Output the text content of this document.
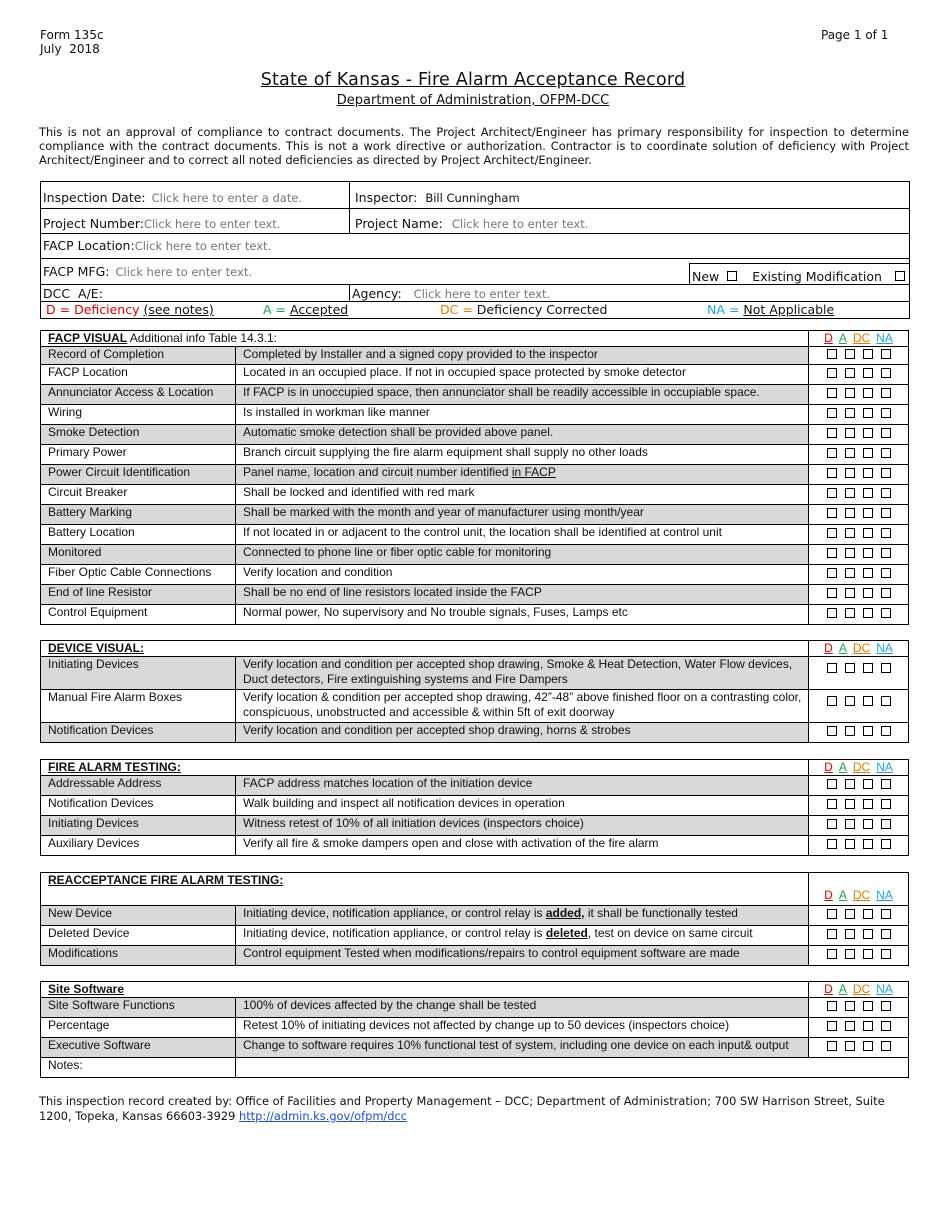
Form 135c
July  2018
Page 1 of 1
State of Kansas - Fire Alarm Acceptance Record
Department of Administration, OFPM-DCC
This is not an approval of compliance to contract documents. The Project Architect/Engineer has primary responsibility for inspection to determine compliance with the contract documents. This is not a work directive or authorization. Contractor is to coordinate solution of deficiency with Project Architect/Engineer and to correct all noted deficiencies as directed by Project Architect/Engineer.
Inspection Date: Click here to enter a date.	Inspector: Bill Cunningham
Project Number: Click here to enter text.	Project Name: Click here to enter text.
FACP Location: Click here to enter text.
FACP MFG: Click here to enter text.	New	Existing Modification
DCC  A/E:	Agency: Click here to enter text.
D = Deficiency (see notes)	A = Accepted	DC = Deficiency Corrected	NA = Not Applicable
FACP VISUAL Additional info Table 14.3.1:		D A DC NA
Record of Completion	Completed by Installer and a signed copy provided to the inspector	

FACP Location	Located in an occupied place. If not in occupied space protected by smoke detector	

Annunciator Access & Location	If FACP is in unoccupied space, then annunciator shall be readily accessible in occupiable space.	

Wiring	Is installed in workman like manner	

Smoke Detection	Automatic smoke detection shall be provided above panel.	

Primary Power	Branch circuit supplying the fire alarm equipment shall supply no other loads	

Power Circuit Identification	Panel name, location and circuit number identified in FACP	

Circuit Breaker	Shall be locked and identified with red mark	

Battery Marking	Shall be marked with the month and year of manufacturer using month/year	

Battery Location	If not located in or adjacent to the control unit, the location shall be identified at control unit	

Monitored	Connected to phone line or fiber optic cable for monitoring	

Fiber Optic Cable Connections	Verify location and condition	

End of line Resistor	Shall be no end of line resistors located inside the FACP	

Control Equipment	Normal power, No supervisory and No trouble signals, Fuses, Lamps etc	
DEVICE VISUAL:		D A DC NA
Initiating Devices	Verify location and condition per accepted shop drawing, Smoke & Heat Detection, Water Flow devices, Duct detectors, Fire extinguishing systems and Fire Dampers	

Manual Fire Alarm Boxes	Verify location & condition per accepted shop drawing, 42”-48” above finished floor on a contrasting color, conspicuous, unobstructed and accessible & within 5ft of exit doorway	

Notification Devices	Verify location and condition per accepted shop drawing, horns & strobes	
FIRE ALARM TESTING:		D A DC NA
Addressable Address	FACP address matches location of the initiation device	

Notification Devices	Walk building and inspect all notification devices in operation	

Initiating Devices	Witness retest of 10% of all initiation devices (inspectors choice)	

Auxiliary Devices	Verify all fire & smoke dampers open and close with activation of the fire alarm	
REACCEPTANCE FIRE ALARM TESTING:		D A DC NA
New Device	Initiating device, notification appliance, or control relay is added, it shall be functionally tested	

Deleted Device	Initiating device, notification appliance, or control relay is deleted, test on device on same circuit	

Modifications	Control equipment Tested when modifications/repairs to control equipment software are made	
Site Software		D A DC NA
Site Software Functions	100% of devices affected by the change shall be tested	

Percentage	Retest 10% of initiating devices not affected by change up to 50 devices (inspectors choice)	

Executive Software	Change to software requires 10% functional test of system, including one device on each input& output	

Notes:		
This inspection record created by: Office of Facilities and Property Management – DCC; Department of Administration; 700 SW Harrison Street, Suite 1200, Topeka, Kansas 66603-3929 http://admin.ks.gov/ofpm/dcc
